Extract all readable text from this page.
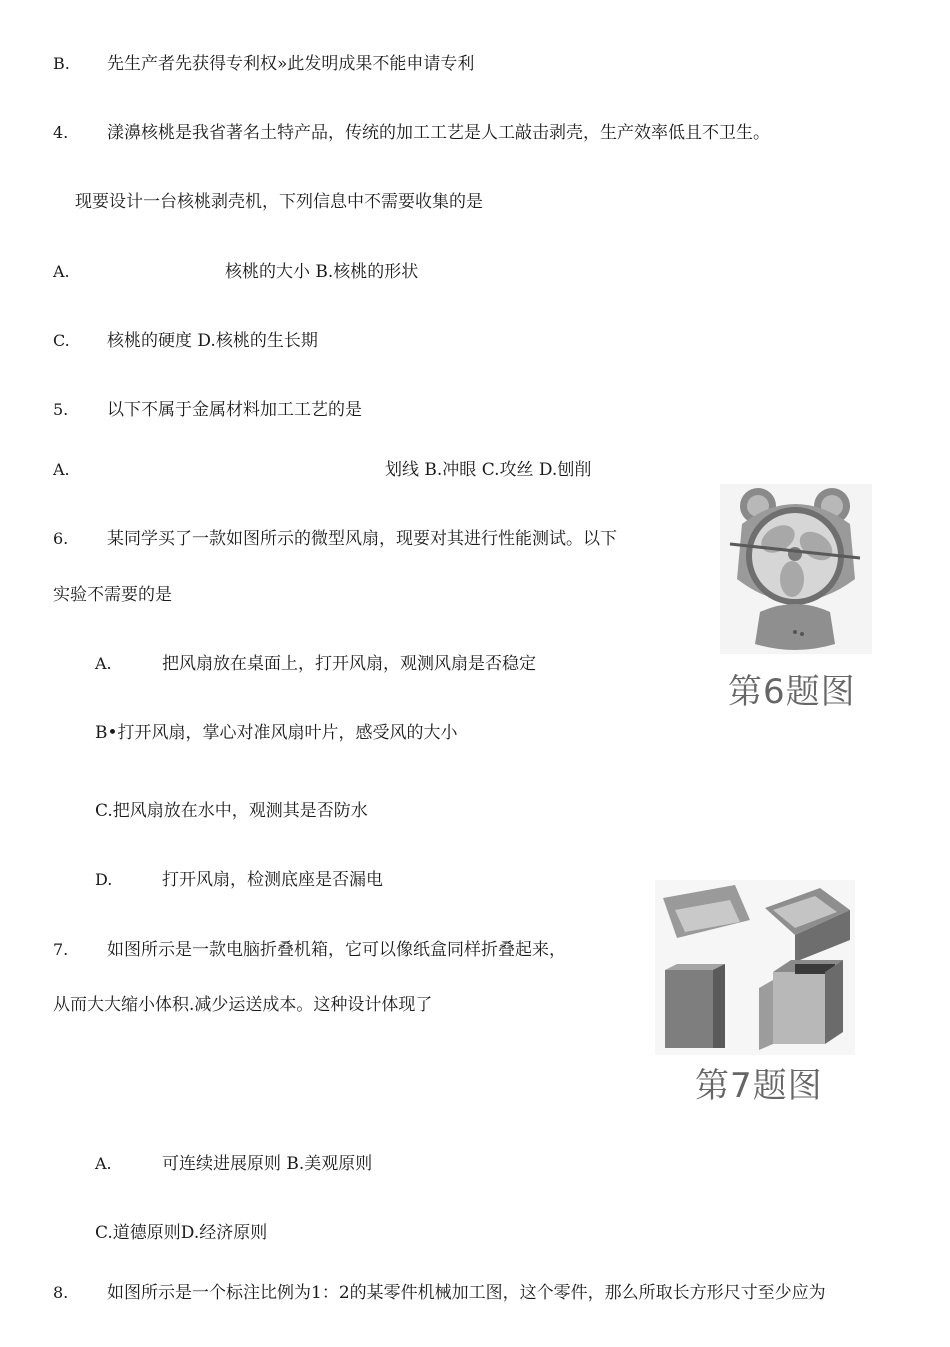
B. 先生产者先获得专利权»此发明成果不能申请专利
4. 漾濞核桃是我省著名土特产品，传统的加工工艺是人工敲击剥壳，生产效率低且不卫生。
现要设计一台核桃剥壳机，下列信息中不需要收集的是
A.	核桃的大小 B.核桃的形状
C. 核桃的硬度 D.核桃的生长期
5. 以下不属于金属材料加工工艺的是
A.	划线 B.冲眼 C.攻丝 D.刨削
6. 某同学买了一款如图所示的微型风扇，现要对其进行性能测试。以下
实验不需要的是
A.	把风扇放在桌面上，打开风扇，观测风扇是否稳定
B•打开风扇，掌心对准风扇叶片，感受风的大小
C.把风扇放在水中，观测其是否防水
D.	打开风扇，检测底座是否漏电
第6题图
7. 如图所示是一款电脑折叠机箱，它可以像纸盒同样折叠起来，
从而大大缩小体积.减少运送成本。这种设计体现了
第7题图
A.	可连续进展原则 B.美观原则
C.道德原则D.经济原则
8. 如图所示是一个标注比例为1：2的某零件机械加工图，这个零件，那么所取长方形尺寸至少应为
